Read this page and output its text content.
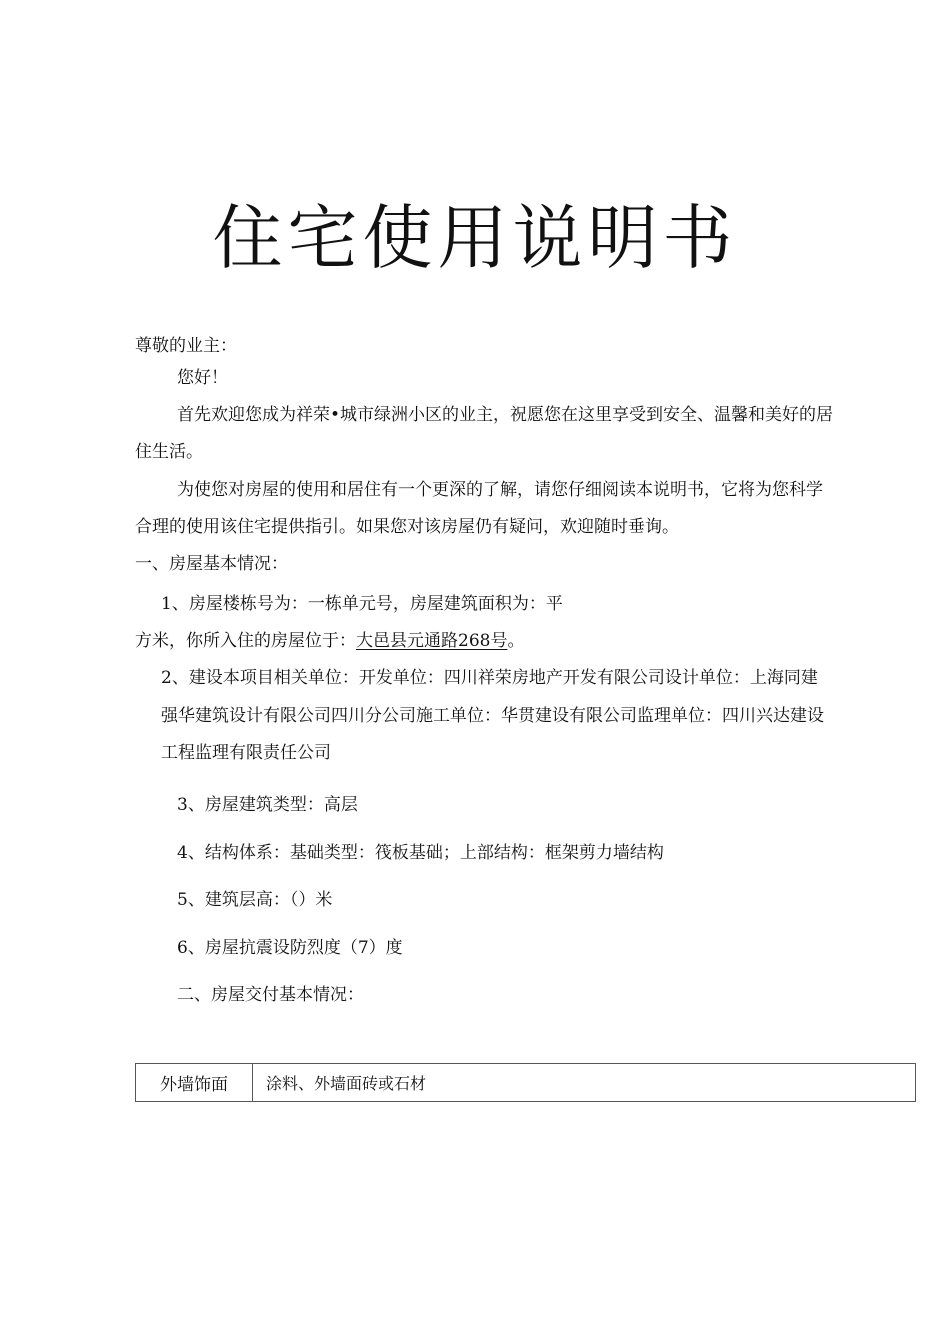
住宅使用说明书
尊敬的业主：
您好！
首先欢迎您成为祥荣•城市绿洲小区的业主，祝愿您在这里享受到安全、温馨和美好的居
住生活。
为使您对房屋的使用和居住有一个更深的了解，请您仔细阅读本说明书，它将为您科学
合理的使用该住宅提供指引。如果您对该房屋仍有疑问，欢迎随时垂询。
一、房屋基本情况：
1、房屋楼栋号为：一栋单元号，房屋建筑面积为：平
方米，你所入住的房屋位于：大邑县元通路268号。
2、建设本项目相关单位：开发单位：四川祥荣房地产开发有限公司设计单位：上海同建
强华建筑设计有限公司四川分公司施工单位：华贯建设有限公司监理单位：四川兴达建设
工程监理有限责任公司
3、房屋建筑类型：高层
4、结构体系：基础类型：筏板基础；上部结构：框架剪力墙结构
5、建筑层高：（）米
6、房屋抗震设防烈度（7）度
二、房屋交付基本情况：
外墙饰面	涂料、外墙面砖或石材
